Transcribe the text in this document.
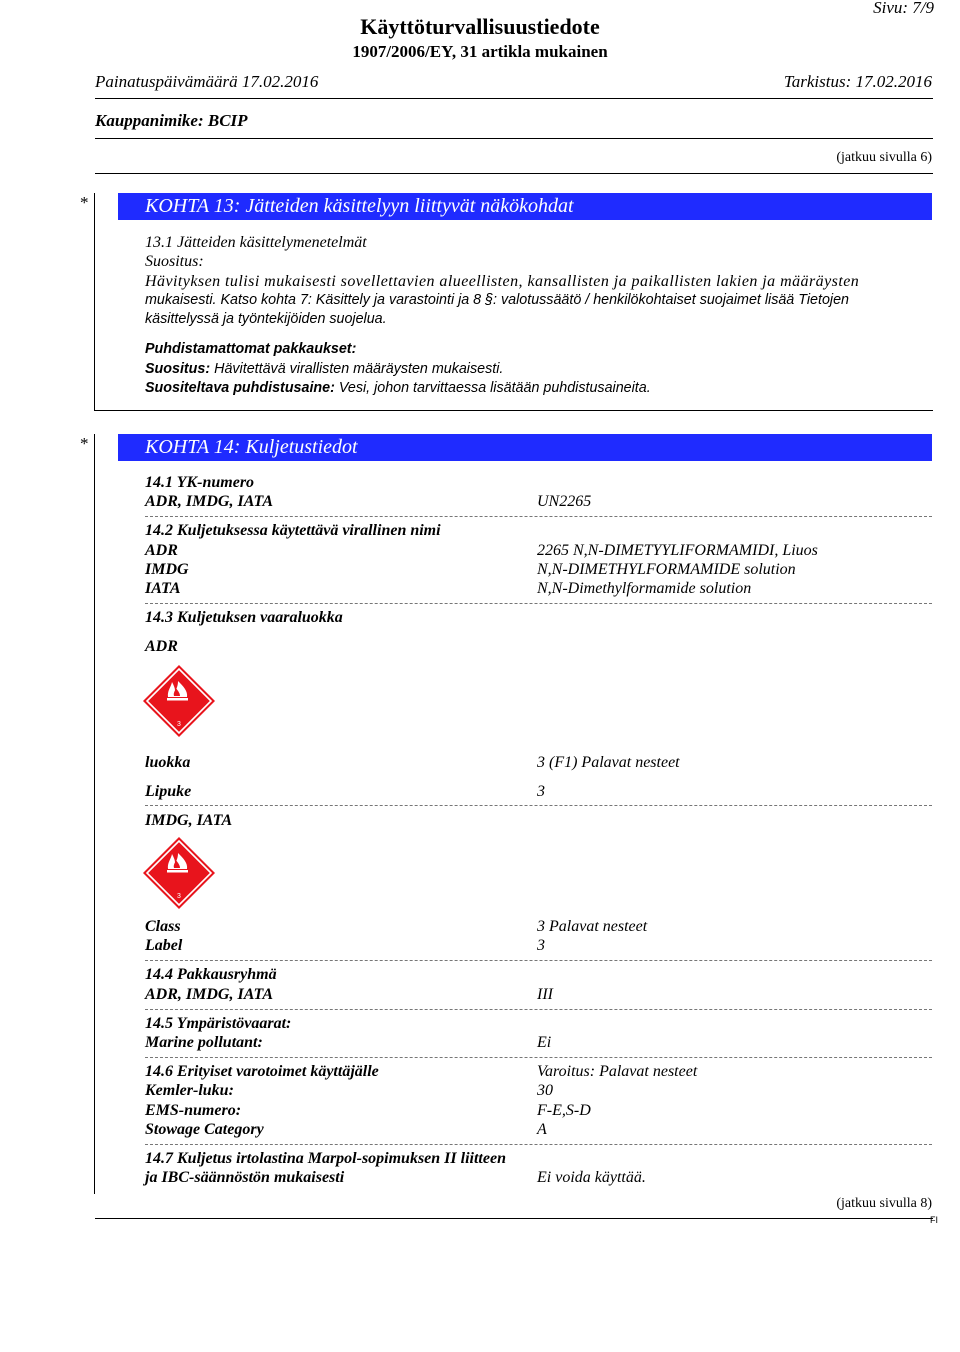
Sivu: 7/9
Käyttöturvallisuustiedote
1907/2006/EY, 31 artikla mukainen
Painatuspäivämäärä 17.02.2016	Tarkistus: 17.02.2016
Kauppanimike: BCIP
(jatkuu sivulla 6)
*	KOHTA 13: Jätteiden käsittelyyn liittyvät näkökohdat
13.1 Jätteiden käsittelymenetelmät
Suositus:
Hävityksen tulisi mukaisesti sovellettavien alueellisten, kansallisten ja paikallisten lakien ja määräysten
mukaisesti. Katso kohta 7: Käsittely ja varastointi ja 8 §: valotussäätö / henkilökohtaiset suojaimet lisää Tietojen
käsittelyssä ja työntekijöiden suojelua.
Puhdistamattomat pakkaukset:
Suositus: Hävitettävä virallisten määräysten mukaisesti.
Suositeltava puhdistusaine: Vesi, johon tarvittaessa lisätään puhdistusaineita.
*	KOHTA 14: Kuljetustiedot
14.1 YK-numero
ADR, IMDG, IATA	UN2265
14.2 Kuljetuksessa käytettävä virallinen nimi
ADR	2265 N,N-DIMETYYLIFORMAMIDI, Liuos
IMDG	N,N-DIMETHYLFORMAMIDE solution
IATA	N,N-Dimethylformamide solution
14.3 Kuljetuksen vaaraluokka
ADR
3
luokka	3 (F1) Palavat nesteet
Lipuke	3
IMDG, IATA
3
Class	3 Palavat nesteet
Label	3
14.4 Pakkausryhmä
ADR, IMDG, IATA	III
14.5 Ympäristövaarat:
Marine pollutant:	Ei
14.6 Erityiset varotoimet käyttäjälle	Varoitus: Palavat nesteet
Kemler-luku:	30
EMS-numero:	F-E,S-D
Stowage Category	A
14.7 Kuljetus irtolastina Marpol-sopimuksen II liitteen
ja IBC-säännöstön mukaisesti	Ei voida käyttää.
(jatkuu sivulla 8)
FI
